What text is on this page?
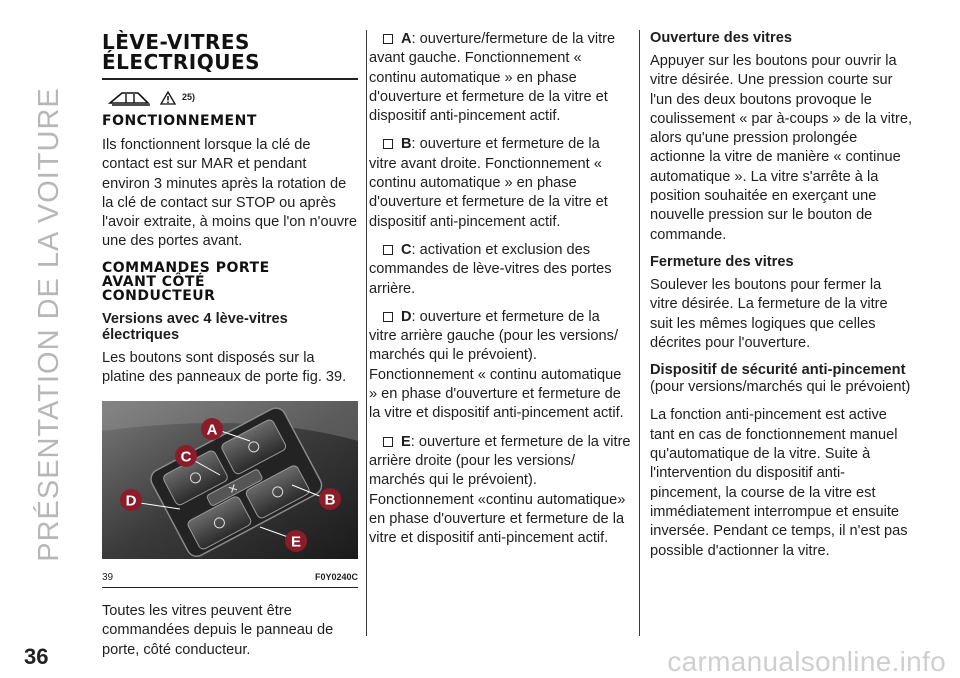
PRÉSENTATION DE LA VOITURE
36	carmanualsonline.info
LÈVE-VITRES
ÉLECTRIQUES
25)
FONCTIONNEMENT

Ils fonctionnent lorsque la clé de contact est sur MAR et pendant environ 3 minutes après la rotation de la clé de contact sur STOP ou après l'avoir extraite, à moins que l'on n'ouvre une des portes avant.

COMMANDES PORTE
AVANT CÔTÉ
CONDUCTEUR
Versions avec 4 lève-vitres électriques

Les boutons sont disposés sur la platine des panneaux de porte fig. 39.

A
B
C
D
E
39	F0Y0240C

Toutes les vitres peuvent être commandées depuis le panneau de porte, côté conducteur.

A: ouverture/fermeture de la vitre avant gauche. Fonctionnement « continu automatique » en phase d'ouverture et fermeture de la vitre et dispositif anti-pincement actif.

B: ouverture et fermeture de la vitre avant droite. Fonctionnement « continu automatique » en phase d'ouverture et fermeture de la vitre et dispositif anti-pincement actif.

C: activation et exclusion des commandes de lève-vitres des portes arrière.

D: ouverture et fermeture de la vitre arrière gauche (pour les versions/ marchés qui le prévoient). Fonctionnement « continu automatique » en phase d'ouverture et fermeture de la vitre et dispositif anti-pincement actif.

E: ouverture et fermeture de la vitre arrière droite (pour les versions/ marchés qui le prévoient). Fonctionnement «continu automatique» en phase d'ouverture et fermeture de la vitre et dispositif anti-pincement actif.

Ouverture des vitres

Appuyer sur les boutons pour ouvrir la vitre désirée. Une pression courte sur l'un des deux boutons provoque le coulissement « par à-coups » de la vitre, alors qu'une pression prolongée actionne la vitre de manière « continue automatique ». La vitre s'arrête à la position souhaitée en exerçant une nouvelle pression sur le bouton de commande.

Fermeture des vitres

Soulever les boutons pour fermer la vitre désirée. La fermeture de la vitre suit les mêmes logiques que celles décrites pour l'ouverture.

Dispositif de sécurité anti-pincement

(pour versions/marchés qui le prévoient)

La fonction anti-pincement est active tant en cas de fonctionnement manuel qu'automatique de la vitre. Suite à l'intervention du dispositif anti-pincement, la course de la vitre est immédiatement interrompue et ensuite inversée. Pendant ce temps, il n'est pas possible d'actionner la vitre.
